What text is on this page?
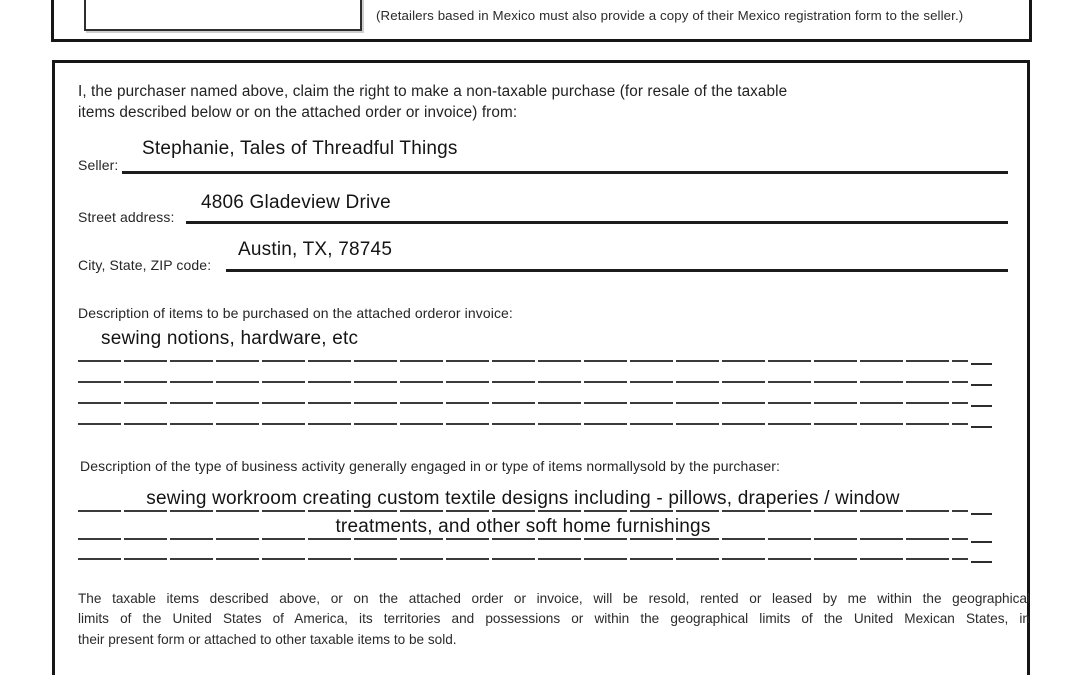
(Retailers based in Mexico must also provide a copy of their Mexico registration form to the seller.)
I, the purchaser named above, claim the right to make a non-taxable purchase (for resale of the taxable
items described below or on the attached order or invoice) from:
Seller:
Stephanie, Tales of Threadful Things
Street address:
4806 Gladeview Drive
City, State, ZIP code:
Austin, TX, 78745
Description of items to be purchased on the attached orderor invoice:
sewing notions, hardware, etc
Description of the type of business activity generally engaged in or type of items normallysold by the purchaser:
sewing workroom creating custom textile designs including - pillows, draperies / window
treatments, and other soft home furnishings
The taxable items described above, or on the attached order or invoice, will be resold, rented or leased by me within the geographical
limits of the United States of America, its territories and possessions or within the geographical limits of the United Mexican States, in
their present form or attached to other taxable items to be sold.
